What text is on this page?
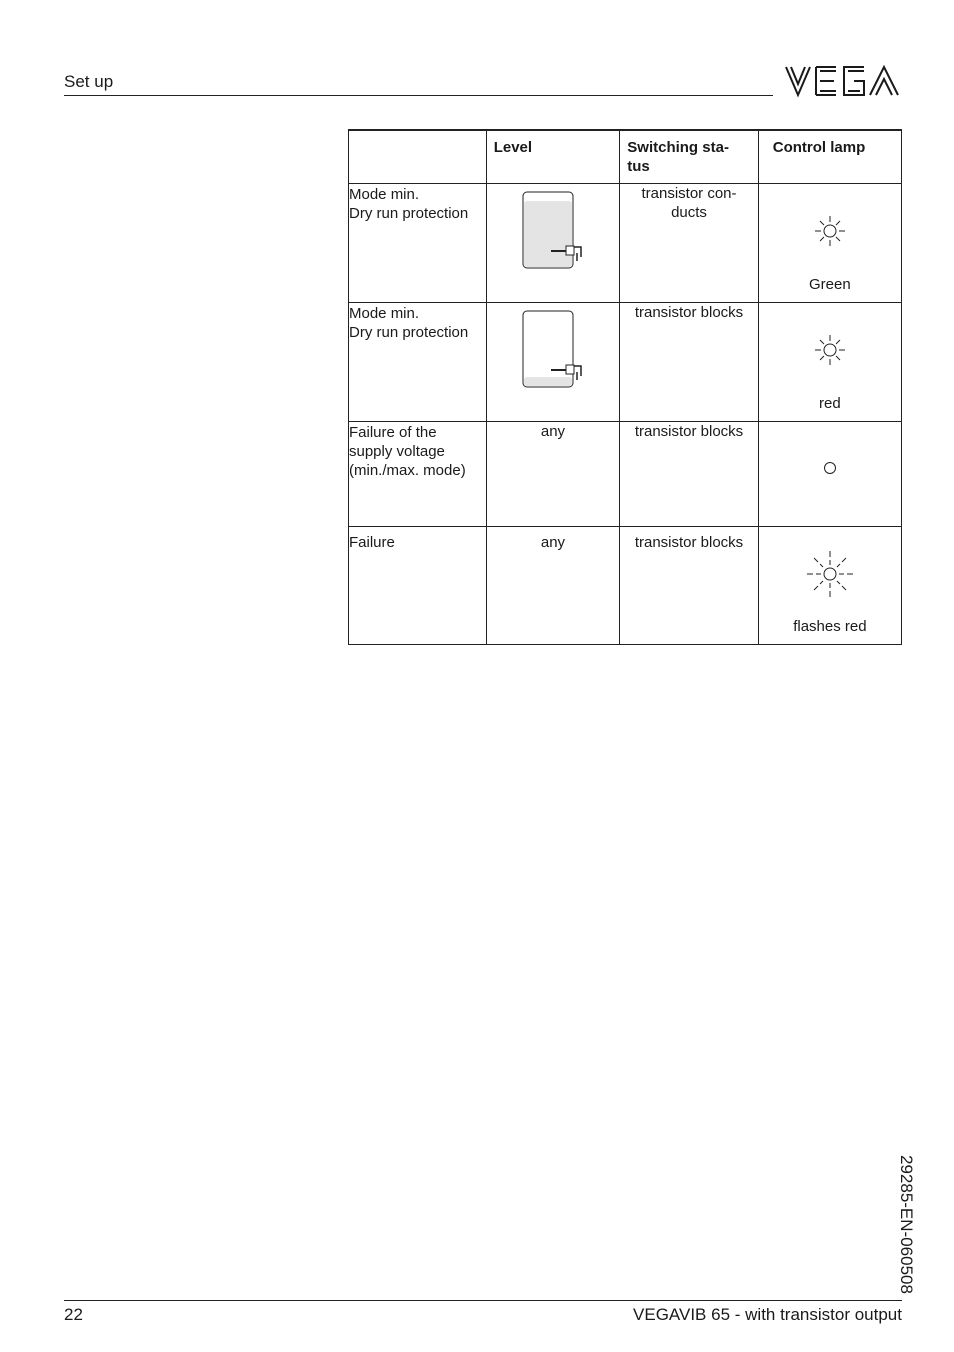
Set up
	Level	Switching sta-
tus	Control lamp
Mode min.
Dry run protection		transistor con-
ducts	Green

Mode min.
Dry run protection		transistor blocks	red

Failure of the
supply voltage
(min./max. mode)	any	transistor blocks	

Failure	any	transistor blocks	flashes red
29285-EN-060508
22	VEGAVIB 65 - with transistor output
